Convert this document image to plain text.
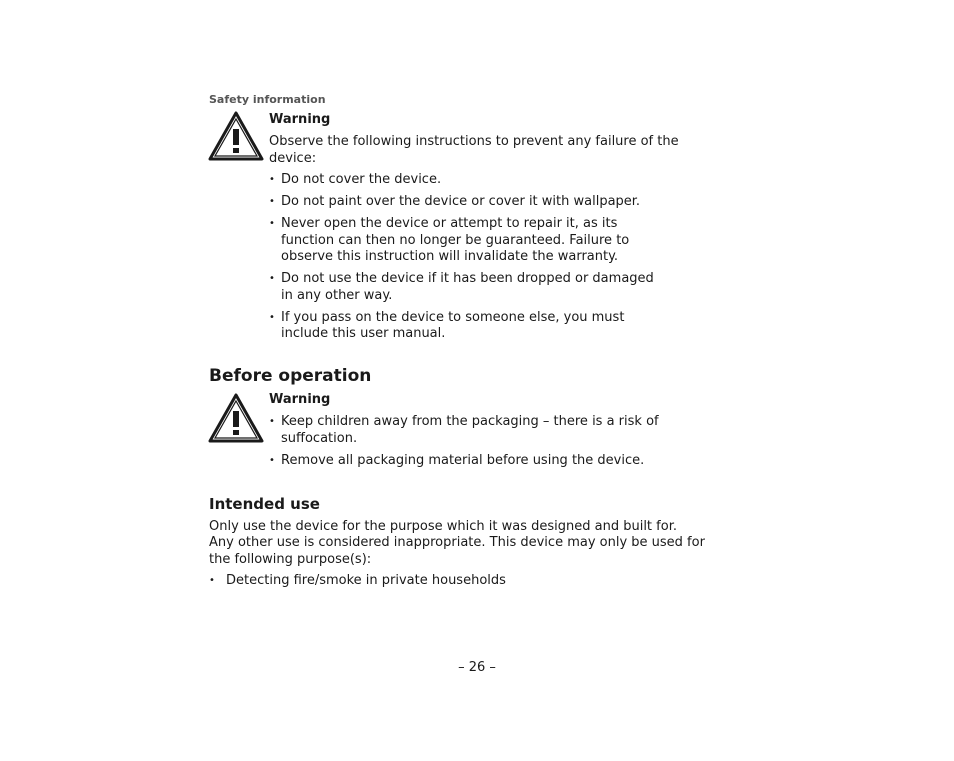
Safety information
Warning
Observe the following instructions to prevent any failure of the device:
• Do not cover the device.
• Do not paint over the device or cover it with wallpaper.
• Never open the device or attempt to repair it, as its function can then no longer be guaranteed. Failure to observe this instruction will invalidate the warranty.
• Do not use the device if it has been dropped or damaged in any other way.
• If you pass on the device to someone else, you must include this user manual.
Before operation
Warning
• Keep children away from the packaging – there is a risk of suffocation.
• Remove all packaging material before using the device.
Intended use
Only use the device for the purpose which it was designed and built for.
Any other use is considered inappropriate. This device may only be used for the following purpose(s):
• Detecting fire/smoke in private households
– 26 –
